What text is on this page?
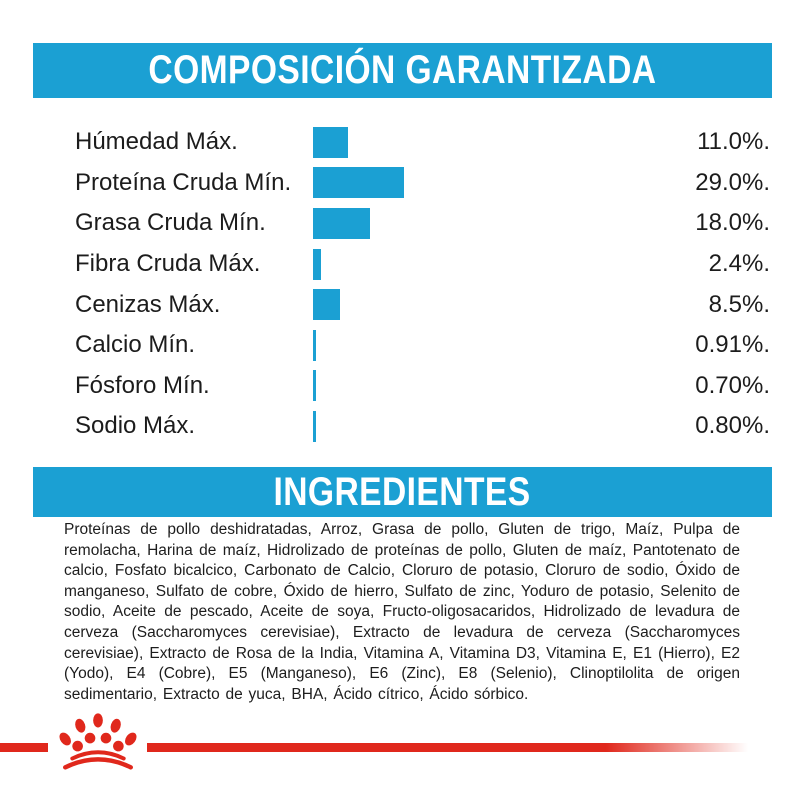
COMPOSICIÓN GARANTIZADA
Húmedad Máx.	11.0%.
Proteína Cruda Mín.	29.0%.
Grasa Cruda Mín.	18.0%.
Fibra Cruda Máx.	2.4%.
Cenizas Máx.	8.5%.
Calcio Mín.	0.91%.
Fósforo Mín.	0.70%.
Sodio Máx.	0.80%.
INGREDIENTES

Proteínas de pollo deshidratadas, Arroz, Grasa de pollo, Gluten de trigo, Maíz, Pulpa de remolacha, Harina de maíz, Hidrolizado de proteínas de pollo, Gluten de maíz, Pantotenato de calcio, Fosfato bicalcico, Carbonato de Calcio, Cloruro de potasio, Cloruro de sodio, Óxido de manganeso, Sulfato de cobre, Óxido de hierro, Sulfato de zinc, Yoduro de potasio, Selenito de sodio, Aceite de pescado, Aceite de soya, Fructo-oligosacaridos, Hidrolizado de levadura de cerveza (Saccharomyces cerevisiae), Extracto de levadura de cerveza (Saccharomyces cerevisiae), Extracto de Rosa de la India, Vitamina A, Vitamina D3, Vitamina E, E1 (Hierro), E2 (Yodo), E4 (Cobre), E5 (Manganeso), E6 (Zinc), E8 (Selenio), Clinoptilolita de origen sedimentario, Extracto de yuca, BHA, Ácido cítrico, Ácido sórbico.
